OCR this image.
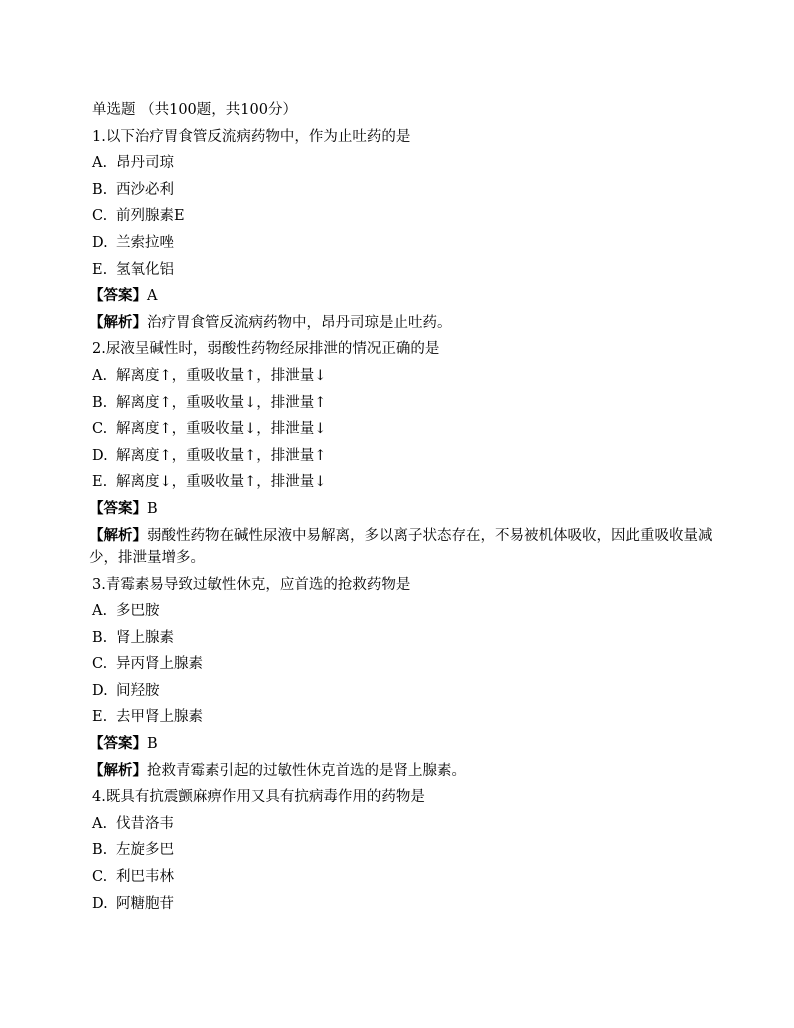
单选题 （共100题，共100分）
1.以下治疗胃食管反流病药物中，作为止吐药的是
A. 昂丹司琼
B. 西沙必利
C. 前列腺素E
D. 兰索拉唑
E. 氢氧化铝
【答案】A
【解析】治疗胃食管反流病药物中，昂丹司琼是止吐药。
2.尿液呈碱性时，弱酸性药物经尿排泄的情况正确的是
A. 解离度↑，重吸收量↑，排泄量↓
B. 解离度↑，重吸收量↓，排泄量↑
C. 解离度↑，重吸收量↓，排泄量↓
D. 解离度↑，重吸收量↑，排泄量↑
E. 解离度↓，重吸收量↑，排泄量↓
【答案】B
【解析】弱酸性药物在碱性尿液中易解离，多以离子状态存在，不易被机体吸收，因此重吸收量减少，排泄量增多。
3.青霉素易导致过敏性休克，应首选的抢救药物是
A. 多巴胺
B. 肾上腺素
C. 异丙肾上腺素
D. 间羟胺
E. 去甲肾上腺素
【答案】B
【解析】抢救青霉素引起的过敏性休克首选的是肾上腺素。
4.既具有抗震颤麻痹作用又具有抗病毒作用的药物是
A. 伐昔洛韦
B. 左旋多巴
C. 利巴韦林
D. 阿糖胞苷
